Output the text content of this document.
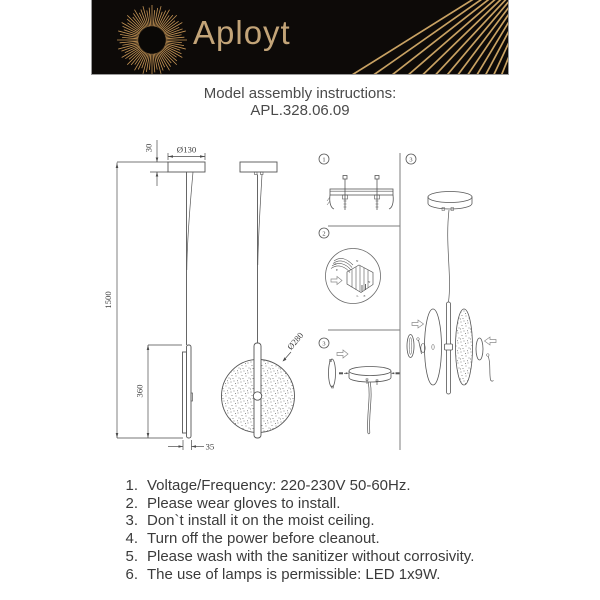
Aployt
Model assembly instructions:
APL.328.06.09
Ø130
30
1500
360
35
Ø280
1
2
N
L
E
N
L E
3
3
1. Voltage/Frequency: 220-230V 50-60Hz.
2. Please wear gloves to install.
3. Don`t install it on the moist ceiling.
4. Turn off the power before cleanout.
5. Please wash with the sanitizer without corrosivity.
6. The use of lamps is permissible: LED 1x9W.
